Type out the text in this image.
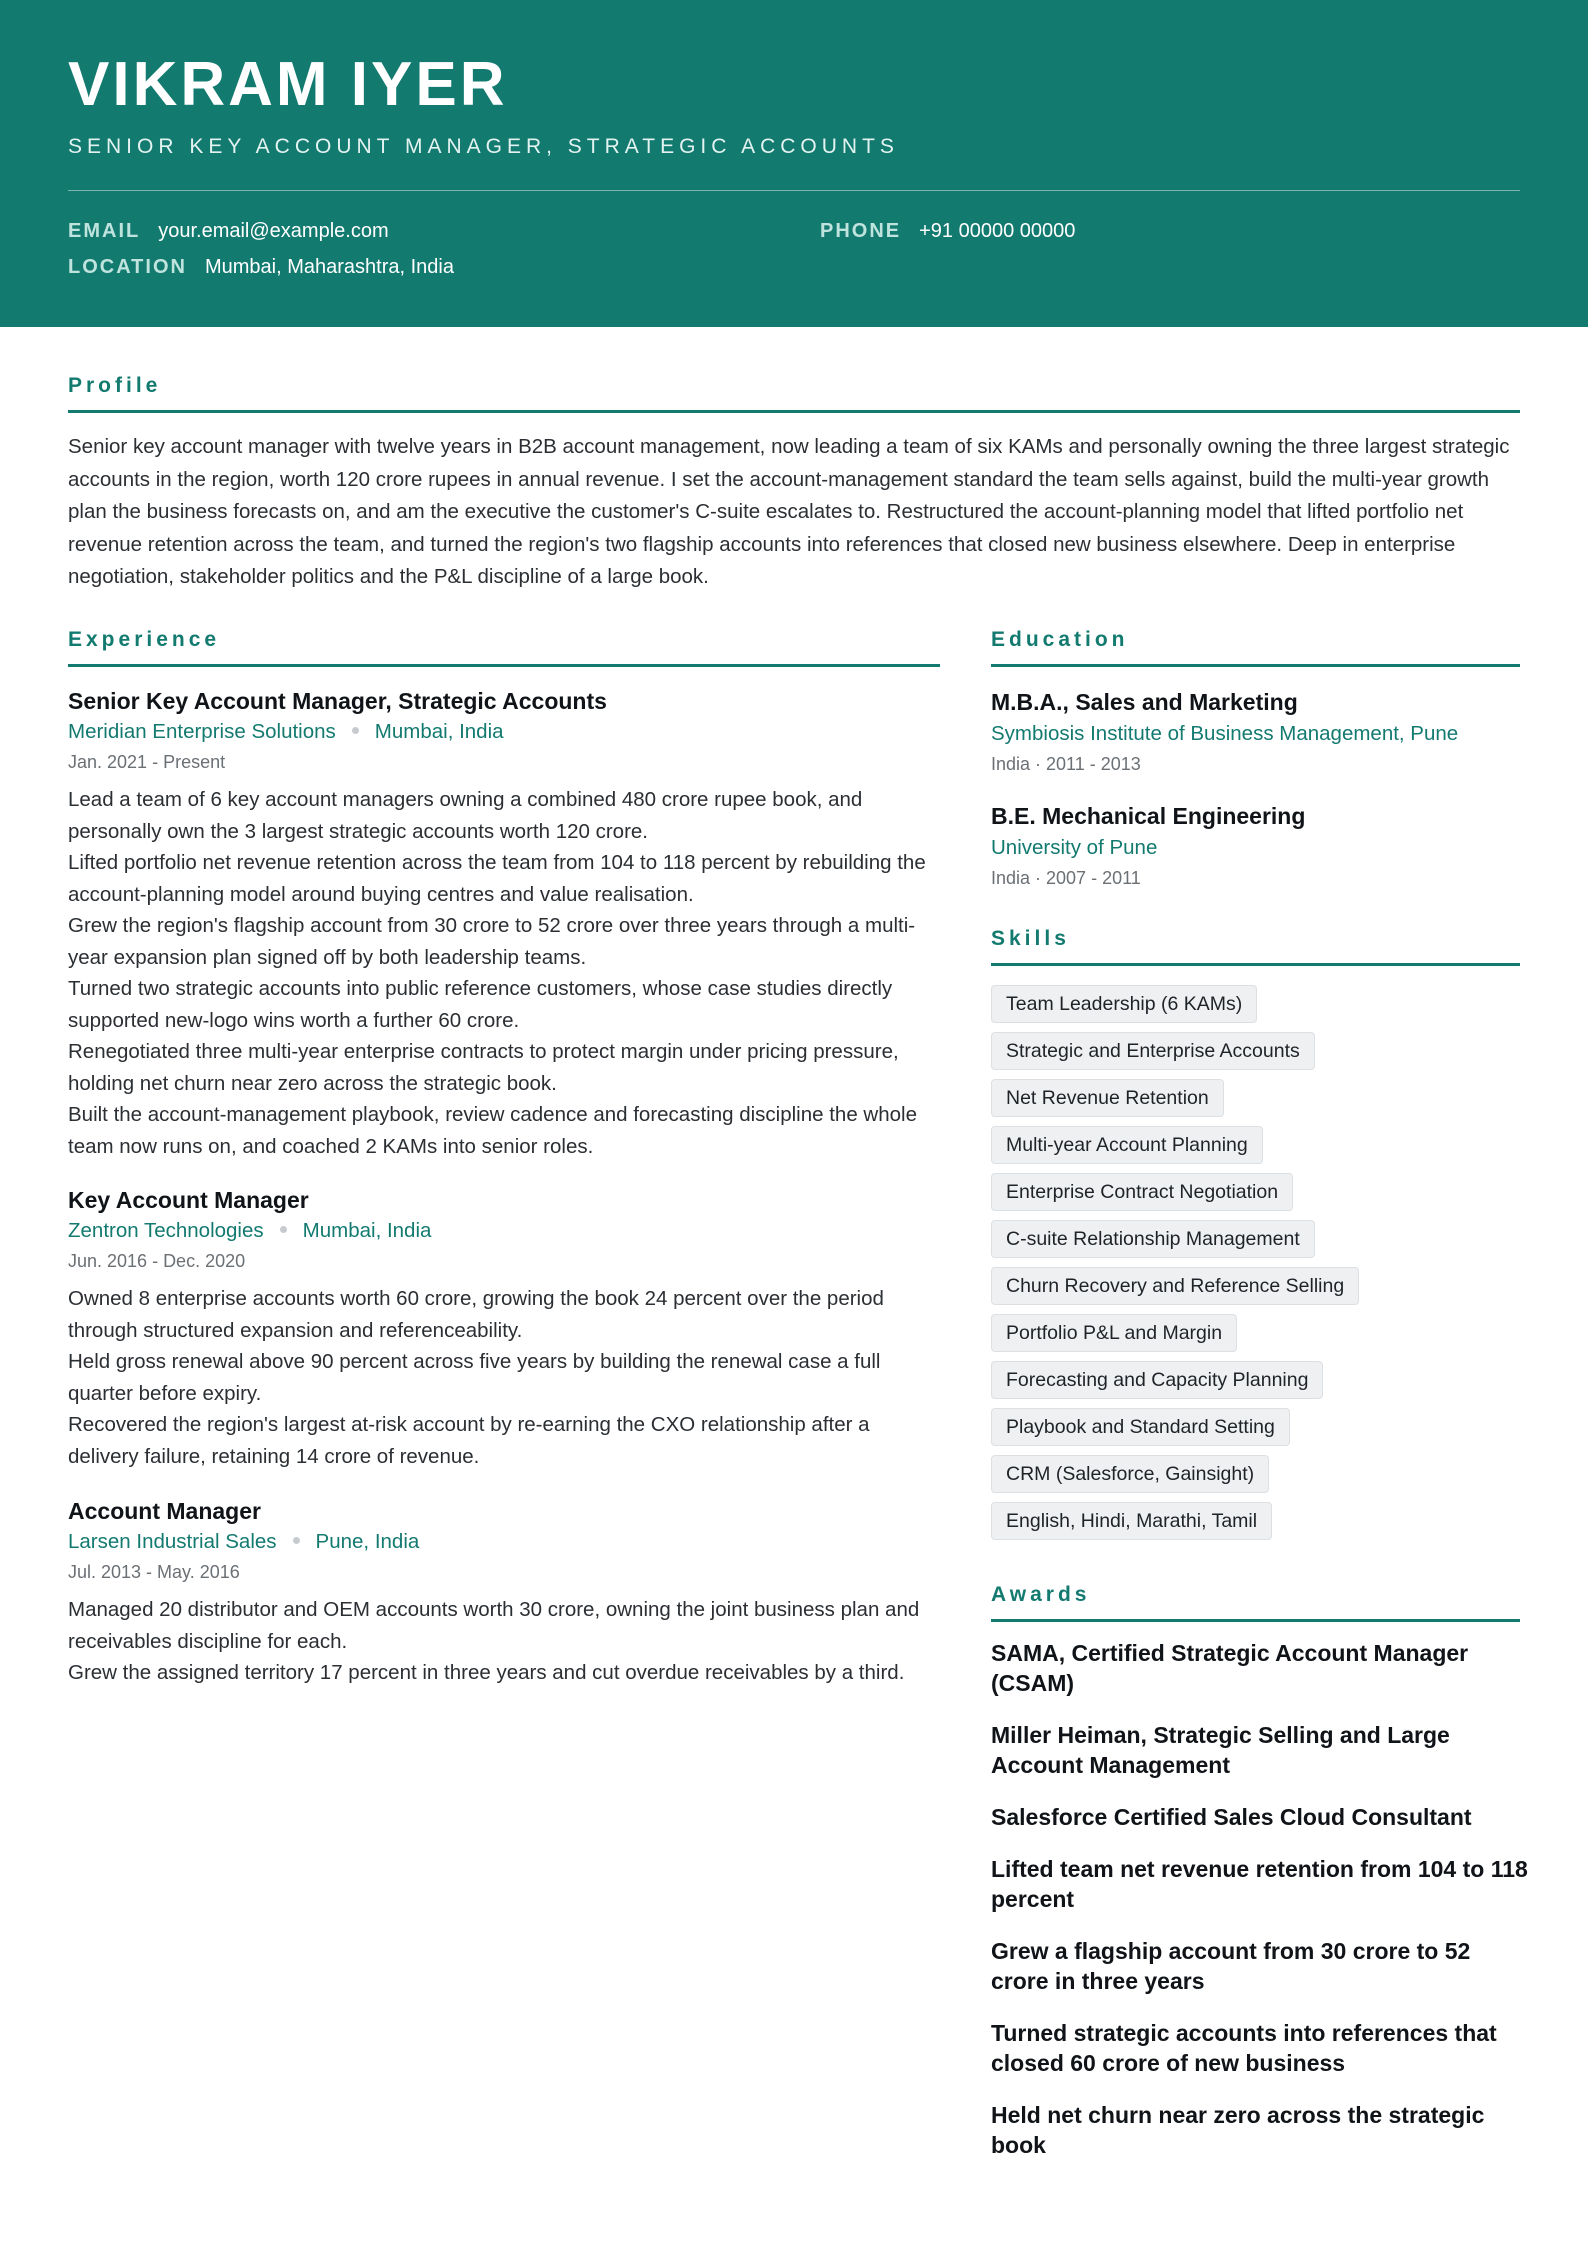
VIKRAM IYER
SENIOR KEY ACCOUNT MANAGER, STRATEGIC ACCOUNTS
EMAIL your.email@example.com	PHONE +91 00000 00000
LOCATION Mumbai, Maharashtra, India
Profile
Senior key account manager with twelve years in B2B account management, now leading a team of six KAMs and personally owning the three largest strategic accounts in the region, worth 120 crore rupees in annual revenue. I set the account-management standard the team sells against, build the multi-year growth plan the business forecasts on, and am the executive the customer's C-suite escalates to. Restructured the account-planning model that lifted portfolio net revenue retention across the team, and turned the region's two flagship accounts into references that closed new business elsewhere. Deep in enterprise negotiation, stakeholder politics and the P&L discipline of a large book.
Experience
Senior Key Account Manager, Strategic Accounts
Meridian Enterprise Solutions Mumbai, India
Jan. 2021 - Present
Lead a team of 6 key account managers owning a combined 480 crore rupee book, and personally own the 3 largest strategic accounts worth 120 crore.
Lifted portfolio net revenue retention across the team from 104 to 118 percent by rebuilding the account-planning model around buying centres and value realisation.
Grew the region's flagship account from 30 crore to 52 crore over three years through a multi-year expansion plan signed off by both leadership teams.
Turned two strategic accounts into public reference customers, whose case studies directly supported new-logo wins worth a further 60 crore.
Renegotiated three multi-year enterprise contracts to protect margin under pricing pressure, holding net churn near zero across the strategic book.
Built the account-management playbook, review cadence and forecasting discipline the whole team now runs on, and coached 2 KAMs into senior roles.
Key Account Manager
Zentron Technologies Mumbai, India
Jun. 2016 - Dec. 2020
Owned 8 enterprise accounts worth 60 crore, growing the book 24 percent over the period through structured expansion and referenceability.
Held gross renewal above 90 percent across five years by building the renewal case a full quarter before expiry.
Recovered the region's largest at-risk account by re-earning the CXO relationship after a delivery failure, retaining 14 crore of revenue.
Account Manager
Larsen Industrial Sales Pune, India
Jul. 2013 - May. 2016
Managed 20 distributor and OEM accounts worth 30 crore, owning the joint business plan and receivables discipline for each.
Grew the assigned territory 17 percent in three years and cut overdue receivables by a third.
Education
M.B.A., Sales and Marketing
Symbiosis Institute of Business Management, Pune
India · 2011 - 2013
B.E. Mechanical Engineering
University of Pune
India · 2007 - 2011
Skills
Team Leadership (6 KAMs)
Strategic and Enterprise Accounts
Net Revenue Retention
Multi-year Account Planning
Enterprise Contract Negotiation
C-suite Relationship Management
Churn Recovery and Reference Selling
Portfolio P&L and Margin
Forecasting and Capacity Planning
Playbook and Standard Setting
CRM (Salesforce, Gainsight)
English, Hindi, Marathi, Tamil
Awards
SAMA, Certified Strategic Account Manager (CSAM)
Miller Heiman, Strategic Selling and Large Account Management
Salesforce Certified Sales Cloud Consultant
Lifted team net revenue retention from 104 to 118 percent
Grew a flagship account from 30 crore to 52 crore in three years
Turned strategic accounts into references that closed 60 crore of new business
Held net churn near zero across the strategic book
